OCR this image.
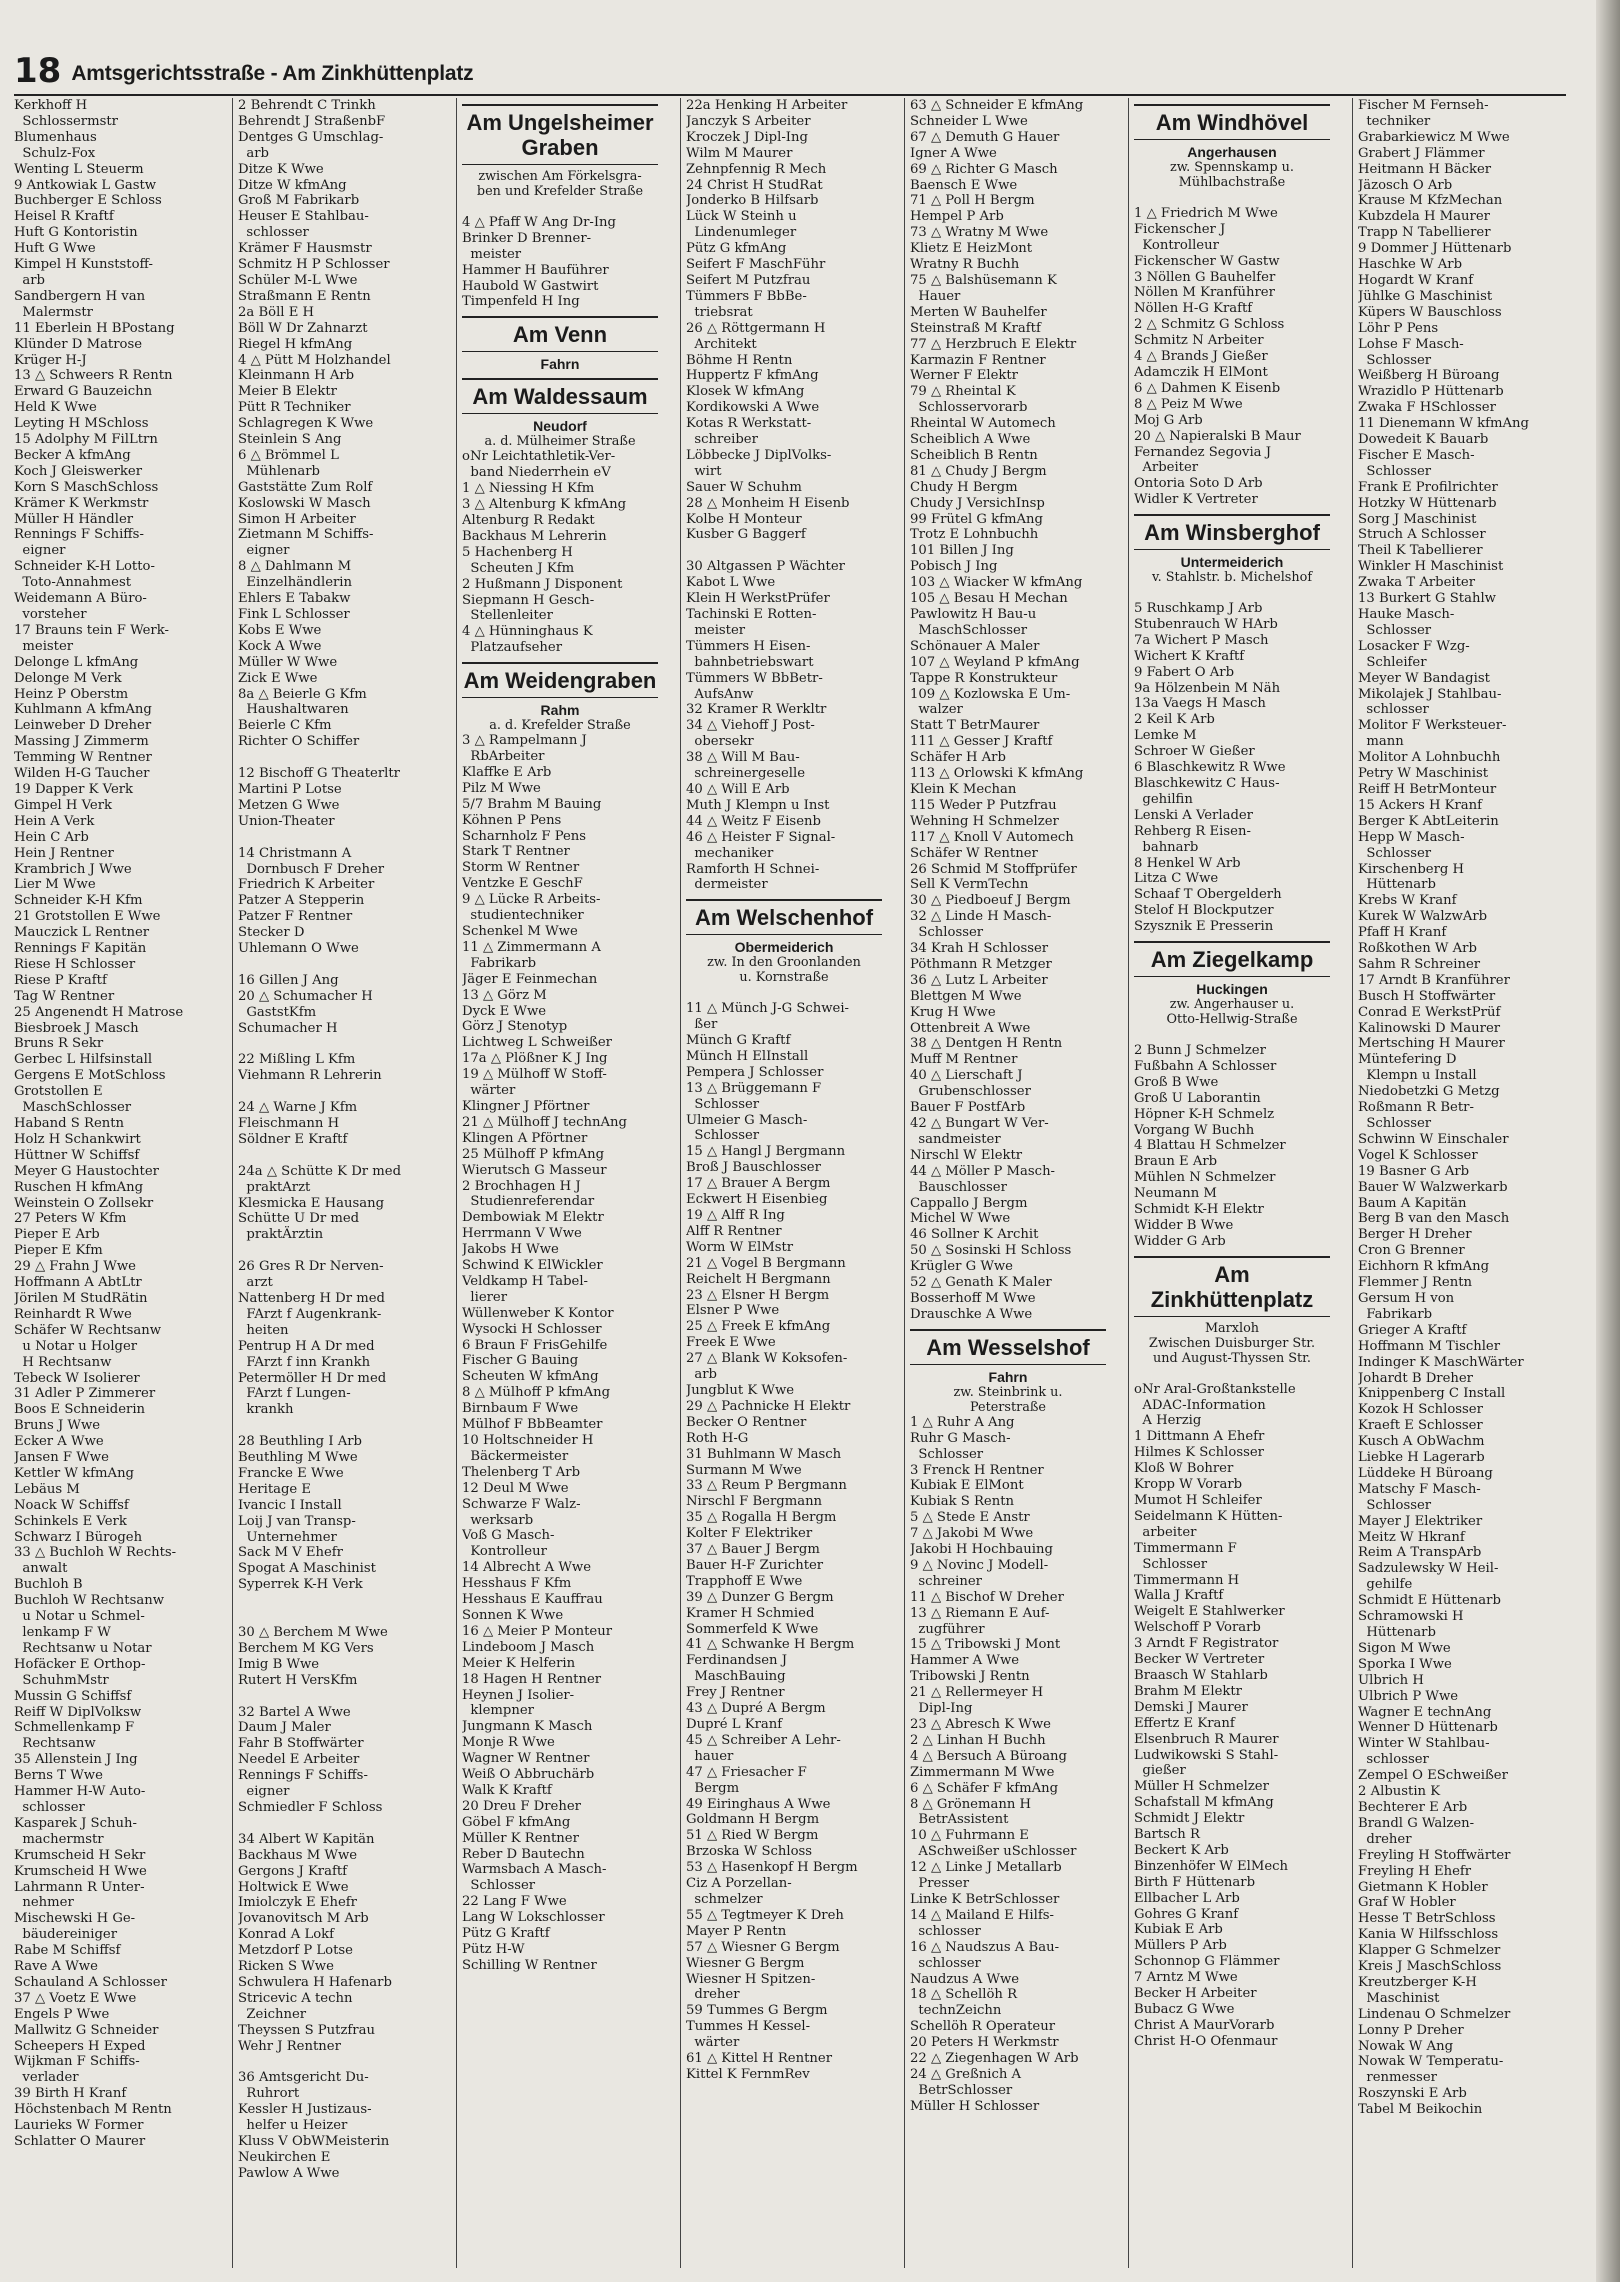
18 Amtsgerichtsstraße - Am Zinkhüttenplatz
Kerkhoff H
Schlossermstr
Blumenhaus
Schulz-Fox
Wenting L Steuerm
9 Antkowiak L Gastw
Buchberger E Schloss
Heisel R Kraftf
Huft G Kontoristin
Huft G Wwe
Kimpel H Kunststoff-
arb
Sandbergern H van
Malermstr
11 Eberlein H BPostang
Klünder D Matrose
Krüger H-J
13 △ Schweers R Rentn
Erward G Bauzeichn
Held K Wwe
Leyting H MSchloss
15 Adolphy M FilLtrn
Becker A kfmAng
Koch J Gleiswerker
Korn S MaschSchloss
Krämer K Werkmstr
Müller H Händler
Rennings F Schiffs-
eigner
Schneider K-H Lotto-
Toto-Annahmest
Weidemann A Büro-
vorsteher
17 Brauns tein F Werk-
meister
Delonge L kfmAng
Delonge M Verk
Heinz P Oberstm
Kuhlmann A kfmAng
Leinweber D Dreher
Massing J Zimmerm
Temming W Rentner
Wilden H-G Taucher
19 Dapper K Verk
Gimpel H Verk
Hein A Verk
Hein C Arb
Hein J Rentner
Krambrich J Wwe
Lier M Wwe
Schneider K-H Kfm
21 Grotstollen E Wwe
Mauczick L Rentner
Rennings F Kapitän
Riese H Schlosser
Riese P Kraftf
Tag W Rentner
25 Angenendt H Matrose
Biesbroek J Masch
Bruns R Sekr
Gerbec L Hilfsinstall
Gergens E MotSchloss
Grotstollen E
MaschSchlosser
Haband S Rentn
Holz H Schankwirt
Hüttner W Schiffsf
Meyer G Haustochter
Ruschen H kfmAng
Weinstein O Zollsekr
27 Peters W Kfm
Pieper E Arb
Pieper E Kfm
29 △ Frahn J Wwe
Hoffmann A AbtLtr
Jörilen M StudRätin
Reinhardt R Wwe
Schäfer W Rechtsanw
u Notar u Holger
H Rechtsanw
Tebeck W Isolierer
31 Adler P Zimmerer
Boos E Schneiderin
Bruns J Wwe
Ecker A Wwe
Jansen F Wwe
Kettler W kfmAng
Lebäus M
Noack W Schiffsf
Schinkels E Verk
Schwarz I Bürogeh
33 △ Buchloh W Rechts-
anwalt
Buchloh B
Buchloh W Rechtsanw
u Notar u Schmel-
lenkamp F W
Rechtsanw u Notar
Hofäcker E Orthop-
SchuhmMstr
Mussin G Schiffsf
Reiff W DiplVolksw
Schmellenkamp F
Rechtsanw
35 Allenstein J Ing
Berns T Wwe
Hammer H-W Auto-
schlosser
Kasparek J Schuh-
machermstr
Krumscheid H Sekr
Krumscheid H Wwe
Lahrmann R Unter-
nehmer
Mischewski H Ge-
bäudereiniger
Rabe M Schiffsf
Rave A Wwe
Schauland A Schlosser
37 △ Voetz E Wwe
Engels P Wwe
Mallwitz G Schneider
Scheepers H Exped
Wijkman F Schiffs-
verlader
39 Birth H Kranf
Höchstenbach M Rentn
Laurieks W Former
Schlatter O Maurer
2 Behrendt C Trinkh
Behrendt J StraßenbF
Dentges G Umschlag-
arb
Ditze K Wwe
Ditze W kfmAng
Groß M Fabrikarb
Heuser E Stahlbau-
schlosser
Krämer F Hausmstr
Schmitz H P Schlosser
Schüler M-L Wwe
Straßmann E Rentn
2a Böll E H
Böll W Dr Zahnarzt
Riegel H kfmAng
4 △ Pütt M Holzhandel
Kleinmann H Arb
Meier B Elektr
Pütt R Techniker
Schlagregen K Wwe
Steinlein S Ang
6 △ Brömmel L
Mühlenarb
Gaststätte Zum Rolf
Koslowski W Masch
Simon H Arbeiter
Zietmann M Schiffs-
eigner
8 △ Dahlmann M
Einzelhändlerin
Ehlers E Tabakw
Fink L Schlosser
Kobs E Wwe
Kock A Wwe
Müller W Wwe
Zick E Wwe
8a △ Beierle G Kfm
Haushaltwaren
Beierle C Kfm
Richter O Schiffer

12 Bischoff G Theaterltr
Martini P Lotse
Metzen G Wwe
Union-Theater

14 Christmann A
Dornbusch F Dreher
Friedrich K Arbeiter
Patzer A Stepperin
Patzer F Rentner
Stecker D
Uhlemann O Wwe

16 Gillen J Ang
20 △ Schumacher H
GaststKfm
Schumacher H

22 Mißling L Kfm
Viehmann R Lehrerin

24 △ Warne J Kfm
Fleischmann H
Söldner E Kraftf

24a △ Schütte K Dr med
praktArzt
Klesmicka E Hausang
Schütte U Dr med
praktÄrztin

26 Gres R Dr Nerven-
arzt
Nattenberg H Dr med
FArzt f Augenkrank-
heiten
Pentrup H A Dr med
FArzt f inn Krankh
Petermöller H Dr med
FArzt f Lungen-
krankh

28 Beuthling I Arb
Beuthling M Wwe
Francke E Wwe
Heritage E
Ivancic I Install
Loij J van Transp-
Unternehmer
Sack M V Ehefr
Spogat A Maschinist
Syperrek K-H Verk

30 △ Berchem M Wwe
Berchem M KG Vers
Imig B Wwe
Rutert H VersKfm

32 Bartel A Wwe
Daum J Maler
Fahr B Stoffwärter
Needel E Arbeiter
Rennings F Schiffs-
eigner
Schmiedler F Schloss

34 Albert W Kapitän
Backhaus M Wwe
Gergons J Kraftf
Holtwick E Wwe
Imiolczyk E Ehefr
Jovanovitsch M Arb
Konrad A Lokf
Metzdorf P Lotse
Ricken S Wwe
Schwulera H Hafenarb
Stricevic A techn
Zeichner
Theyssen S Putzfrau
Wehr J Rentner

36 Amtsgericht Du-
Ruhrort
Kessler H Justizaus-
helfer u Heizer
Kluss V ObWMeisterin
Neukirchen E
Pawlow A Wwe
Am Ungelsheimer Graben
zwischen Am Förkelsgra-
ben und Krefelder Straße

4 △ Pfaff W Ang Dr-Ing
Brinker D Brenner-
meister
Hammer H Bauführer
Haubold W Gastwirt
Timpenfeld H Ing
Am Venn
Fahrn
Am Waldessaum
Neudorf
a. d. Mülheimer Straße
oNr Leichtathletik-Ver-
band Niederrhein eV
1 △ Niessing H Kfm
3 △ Altenburg K kfmAng
Altenburg R Redakt
Backhaus M Lehrerin
5 Hachenberg H
Scheuten J Kfm
2 Hußmann J Disponent
Siepmann H Gesch-
Stellenleiter
4 △ Hünninghaus K
Platzaufseher
Am Weidengraben
Rahm
a. d. Krefelder Straße
3 △ Rampelmann J
RbArbeiter
Klaffke E Arb
Pilz M Wwe
5/7 Brahm M Bauing
Köhnen P Pens
Scharnholz F Pens
Stark T Rentner
Storm W Rentner
Ventzke E GeschF
9 △ Lücke R Arbeits-
studientechniker
Schenkel M Wwe
11 △ Zimmermann A
Fabrikarb
Jäger E Feinmechan
13 △ Görz M
Dyck E Wwe
Görz J Stenotyp
Lichtweg L Schweißer
17a △ Plößner K J Ing
19 △ Mülhoff W Stoff-
wärter
Klingner J Pförtner
21 △ Mülhoff J technAng
Klingen A Pförtner
25 Mülhoff P kfmAng
Wierutsch G Masseur
2 Brochhagen H J
Studienreferendar
Dembowiak M Elektr
Herrmann V Wwe
Jakobs H Wwe
Schwind K ElWickler
Veldkamp H Tabel-
lierer
Wüllenweber K Kontor
Wysocki H Schlosser
6 Braun F FrisGehilfe
Fischer G Bauing
Scheuten W kfmAng
8 △ Mülhoff P kfmAng
Birnbaum F Wwe
Mülhof F BbBeamter
10 Holtschneider H
Bäckermeister
Thelenberg T Arb
12 Deul M Wwe
Schwarze F Walz-
werksarb
Voß G Masch-
Kontrolleur
14 Albrecht A Wwe
Hesshaus F Kfm
Hesshaus E Kauffrau
Sonnen K Wwe
16 △ Meier P Monteur
Lindeboom J Masch
Meier K Helferin
18 Hagen H Rentner
Heynen J Isolier-
klempner
Jungmann K Masch
Monje R Wwe
Wagner W Rentner
Weiß O Abbruchärb
Walk K Kraftf
20 Dreu F Dreher
Göbel F kfmAng
Müller K Rentner
Reber D Bautechn
Warmsbach A Masch-
Schlosser
22 Lang F Wwe
Lang W Lokschlosser
Pütz G Kraftf
Pütz H-W
Schilling W Rentner
22a Henking H Arbeiter
Janczyk S Arbeiter
Kroczek J Dipl-Ing
Wilm M Maurer
Zehnpfennig R Mech
24 Christ H StudRat
Jonderko B Hilfsarb
Lück W Steinh u
Lindenumleger
Pütz G kfmAng
Seifert F MaschFühr
Seifert M Putzfrau
Tümmers F BbBe-
triebsrat
26 △ Röttgermann H
Architekt
Böhme H Rentn
Huppertz F kfmAng
Klosek W kfmAng
Kordikowski A Wwe
Kotas R Werkstatt-
schreiber
Löbbecke J DiplVolks-
wirt
Sauer W Schuhm
28 △ Monheim H Eisenb
Kolbe H Monteur
Kusber G Baggerf

30 Altgassen P Wächter
Kabot L Wwe
Klein H WerkstPrüfer
Tachinski E Rotten-
meister
Tümmers H Eisen-
bahnbetriebswart
Tümmers W BbBetr-
AufsAnw
32 Kramer R Werkltr
34 △ Viehoff J Post-
obersekr
38 △ Will M Bau-
schreinergeselle
40 △ Will E Arb
Muth J Klempn u Inst
44 △ Weitz F Eisenb
46 △ Heister F Signal-
mechaniker
Ramforth H Schnei-
dermeister
Am Welschenhof
Obermeiderich
zw. In den Groonlanden
u. Kornstraße

11 △ Münch J-G Schwei-
ßer
Münch G Kraftf
Münch H ElInstall
Pempera J Schlosser
13 △ Brüggemann F
Schlosser
Ulmeier G Masch-
Schlosser
15 △ Hangl J Bergmann
Broß J Bauschlosser
17 △ Brauer A Bergm
Eckwert H Eisenbieg
19 △ Alff R Ing
Alff R Rentner
Worm W ElMstr
21 △ Vogel B Bergmann
Reichelt H Bergmann
23 △ Elsner H Bergm
Elsner P Wwe
25 △ Freek E kfmAng
Freek E Wwe
27 △ Blank W Koksofen-
arb
Jungblut K Wwe
29 △ Pachnicke H Elektr
Becker O Rentner
Roth H-G
31 Buhlmann W Masch
Surmann M Wwe
33 △ Reum P Bergmann
Nirschl F Bergmann
35 △ Rogalla H Bergm
Kolter F Elektriker
37 △ Bauer J Bergm
Bauer H-F Zurichter
Trapphoff E Wwe
39 △ Dunzer G Bergm
Kramer H Schmied
Sommerfeld K Wwe
41 △ Schwanke H Bergm
Ferdinandsen J
MaschBauing
Frey J Rentner
43 △ Dupré A Bergm
Dupré L Kranf
45 △ Schreiber A Lehr-
hauer
47 △ Friesacher F
Bergm
49 Eiringhaus A Wwe
Goldmann H Bergm
51 △ Ried W Bergm
Brzoska W Schloss
53 △ Hasenkopf H Bergm
Ciz A Porzellan-
schmelzer
55 △ Tegtmeyer K Dreh
Mayer P Rentn
57 △ Wiesner G Bergm
Wiesner G Bergm
Wiesner H Spitzen-
dreher
59 Tummes G Bergm
Tummes H Kessel-
wärter
61 △ Kittel H Rentner
Kittel K FernmRev
63 △ Schneider E kfmAng
Schneider L Wwe
67 △ Demuth G Hauer
Igner A Wwe
69 △ Richter G Masch
Baensch E Wwe
71 △ Poll H Bergm
Hempel P Arb
73 △ Wratny M Wwe
Klietz E HeizMont
Wratny R Buchh
75 △ Balshüsemann K
Hauer
Merten W Bauhelfer
Steinstraß M Kraftf
77 △ Herzbruch E Elektr
Karmazin F Rentner
Werner F Elektr
79 △ Rheintal K
Schlosservorarb
Rheintal W Automech
Scheiblich A Wwe
Scheiblich B Rentn
81 △ Chudy J Bergm
Chudy H Bergm
Chudy J VersichInsp
99 Frütel G kfmAng
Trotz E Lohnbuchh
101 Billen J Ing
Pobisch J Ing
103 △ Wiacker W kfmAng
105 △ Besau H Mechan
Pawlowitz H Bau-u
MaschSchlosser
Schönauer A Maler
107 △ Weyland P kfmAng
Tappe R Konstrukteur
109 △ Kozlowska E Um-
walzer
Statt T BetrMaurer
111 △ Gesser J Kraftf
Schäfer H Arb
113 △ Orlowski K kfmAng
Klein K Mechan
115 Weder P Putzfrau
Wehning H Schmelzer
117 △ Knoll V Automech
Schäfer W Rentner
26 Schmid M Stoffprüfer
Sell K VermTechn
30 △ Piedboeuf J Bergm
32 △ Linde H Masch-
Schlosser
34 Krah H Schlosser
Pöthmann R Metzger
36 △ Lutz L Arbeiter
Blettgen M Wwe
Krug H Wwe
Ottenbreit A Wwe
38 △ Dentgen H Rentn
Muff M Rentner
40 △ Lierschaft J
Grubenschlosser
Bauer F PostfArb
42 △ Bungart W Ver-
sandmeister
Nirschl W Elektr
44 △ Möller P Masch-
Bauschlosser
Cappallo J Bergm
Michel W Wwe
46 Sollner K Archit
50 △ Sosinski H Schloss
Krügler G Wwe
52 △ Genath K Maler
Bosserhoff M Wwe
Drauschke A Wwe
Am Wesselshof
Fahrn
zw. Steinbrink u.
Peterstraße
1 △ Ruhr A Ang
Ruhr G Masch-
Schlosser
3 Frenck H Rentner
Kubiak E ElMont
Kubiak S Rentn
5 △ Stede E Anstr
7 △ Jakobi M Wwe
Jakobi H Hochbauing
9 △ Novinc J Modell-
schreiner
11 △ Bischof W Dreher
13 △ Riemann E Auf-
zugführer
15 △ Tribowski J Mont
Hammer A Wwe
Tribowski J Rentn
21 △ Rellermeyer H
Dipl-Ing
23 △ Abresch K Wwe
2 △ Linhan H Buchh
4 △ Bersuch A Büroang
Zimmermann M Wwe
6 △ Schäfer F kfmAng
8 △ Grönemann H
BetrAssistent
10 △ Fuhrmann E
ASchweißer uSchlosser
12 △ Linke J Metallarb
Presser
Linke K BetrSchlosser
14 △ Mailand E Hilfs-
schlosser
16 △ Naudszus A Bau-
schlosser
Naudzus A Wwe
18 △ Schellöh R
technZeichn
Schellöh R Operateur
20 Peters H Werkmstr
22 △ Ziegenhagen W Arb
24 △ Greßnich A
BetrSchlosser
Müller H Schlosser
Am Windhövel
Angerhausen
zw. Spennskamp u.
Mühlbachstraße

1 △ Friedrich M Wwe
Fickenscher J
Kontrolleur
Fickenscher W Gastw
3 Nöllen G Bauhelfer
Nöllen M Kranführer
Nöllen H-G Kraftf
2 △ Schmitz G Schloss
Schmitz N Arbeiter
4 △ Brands J Gießer
Adamczik H ElMont
6 △ Dahmen K Eisenb
8 △ Peiz M Wwe
Moj G Arb
20 △ Napieralski B Maur
Fernandez Segovia J
Arbeiter
Ontoria Soto D Arb
Widler K Vertreter
Am Winsberghof
Untermeiderich
v. Stahlstr. b. Michelshof

5 Ruschkamp J Arb
Stubenrauch W HArb
7a Wichert P Masch
Wichert K Kraftf
9 Fabert O Arb
9a Hölzenbein M Näh
13a Vaegs H Masch
2 Keil K Arb
Lemke M
Schroer W Gießer
6 Blaschkewitz R Wwe
Blaschkewitz C Haus-
gehilfin
Lenski A Verlader
Rehberg R Eisen-
bahnarb
8 Henkel W Arb
Litza C Wwe
Schaaf T Obergelderh
Stelof H Blockputzer
Szysznik E Presserin
Am Ziegelkamp
Huckingen
zw. Angerhauser u.
Otto-Hellwig-Straße

2 Bunn J Schmelzer
Fußbahn A Schlosser
Groß B Wwe
Groß U Laborantin
Höpner K-H Schmelz
Vorgang W Buchh
4 Blattau H Schmelzer
Braun E Arb
Mühlen N Schmelzer
Neumann M
Schmidt K-H Elektr
Widder B Wwe
Widder G Arb
Am Zinkhüttenplatz
Marxloh
Zwischen Duisburger Str.
und August-Thyssen Str.

oNr Aral-Großtankstelle
ADAC-Information
A Herzig
1 Dittmann A Ehefr
Hilmes K Schlosser
Kloß W Bohrer
Kropp W Vorarb
Mumot H Schleifer
Seidelmann K Hütten-
arbeiter
Timmermann F
Schlosser
Timmermann H
Walla J Kraftf
Weigelt E Stahlwerker
Welschoff P Vorarb
3 Arndt F Registrator
Becker W Vertreter
Braasch W Stahlarb
Brahm M Elektr
Demski J Maurer
Effertz E Kranf
Elsenbruch R Maurer
Ludwikowski S Stahl-
gießer
Müller H Schmelzer
Schafstall M kfmAng
Schmidt J Elektr
Bartsch R
Beckert K Arb
Binzenhöfer W ElMech
Birth F Hüttenarb
Ellbacher L Arb
Gohres G Kranf
Kubiak E Arb
Müllers P Arb
Schonnop G Flämmer
7 Arntz M Wwe
Becker H Arbeiter
Bubacz G Wwe
Christ A MaurVorarb
Christ H-O Ofenmaur
Fischer M Fernseh-
techniker
Grabarkiewicz M Wwe
Grabert J Flämmer
Heitmann H Bäcker
Jäzosch O Arb
Krause M KfzMechan
Kubzdela H Maurer
Trapp N Tabellierer
9 Dommer J Hüttenarb
Haschke W Arb
Hogardt W Kranf
Jühlke G Maschinist
Küpers W Bauschloss
Löhr P Pens
Lohse F Masch-
Schlosser
Weißberg H Büroang
Wrazidlo P Hüttenarb
Zwaka F HSchlosser
11 Dienemann W kfmAng
Dowedeit K Bauarb
Fischer E Masch-
Schlosser
Frank E Profilrichter
Hotzky W Hüttenarb
Sorg J Maschinist
Struch A Schlosser
Theil K Tabellierer
Winkler H Maschinist
Zwaka T Arbeiter
13 Burkert G Stahlw
Hauke Masch-
Schlosser
Losacker F Wzg-
Schleifer
Meyer W Bandagist
Mikolajek J Stahlbau-
schlosser
Molitor F Werksteuer-
mann
Molitor A Lohnbuchh
Petry W Maschinist
Reiff H BetrMonteur
15 Ackers H Kranf
Berger K AbtLeiterin
Hepp W Masch-
Schlosser
Kirschenberg H
Hüttenarb
Krebs W Kranf
Kurek W WalzwArb
Pfaff H Kranf
Roßkothen W Arb
Sahm R Schreiner
17 Arndt B Kranführer
Busch H Stoffwärter
Conrad E WerkstPrüf
Kalinowski D Maurer
Mertsching H Maurer
Müntefering D
Klempn u Install
Niedobetzki G Metzg
Roßmann R Betr-
Schlosser
Schwinn W Einschaler
Vogel K Schlosser
19 Basner G Arb
Bauer W Walzwerkarb
Baum A Kapitän
Berg B van den Masch
Berger H Dreher
Cron G Brenner
Eichhorn R kfmAng
Flemmer J Rentn
Gersum H von
Fabrikarb
Grieger A Kraftf
Hoffmann M Tischler
Indinger K MaschWärter
Johardt B Dreher
Knippenberg C Install
Kozok H Schlosser
Kraeft E Schlosser
Kusch A ObWachm
Liebke H Lagerarb
Lüddeke H Büroang
Matschy F Masch-
Schlosser
Mayer J Elektriker
Meitz W Hkranf
Reim A TranspArb
Sadzulewsky W Heil-
gehilfe
Schmidt E Hüttenarb
Schramowski H
Hüttenarb
Sigon M Wwe
Sporka I Wwe
Ulbrich H
Ulbrich P Wwe
Wagner E technAng
Wenner D Hüttenarb
Winter W Stahlbau-
schlosser
Zempel O ESchweißer
2 Albustin K
Bechterer E Arb
Brandl G Walzen-
dreher
Freyling H Stoffwärter
Freyling H Ehefr
Gietmann K Hobler
Graf W Hobler
Hesse T BetrSchloss
Kania W Hilfsschloss
Klapper G Schmelzer
Kreis J MaschSchloss
Kreutzberger K-H
Maschinist
Lindenau O Schmelzer
Lonny P Dreher
Nowak W Ang
Nowak W Temperatu-
renmesser
Roszynski E Arb
Tabel M Beikochin
